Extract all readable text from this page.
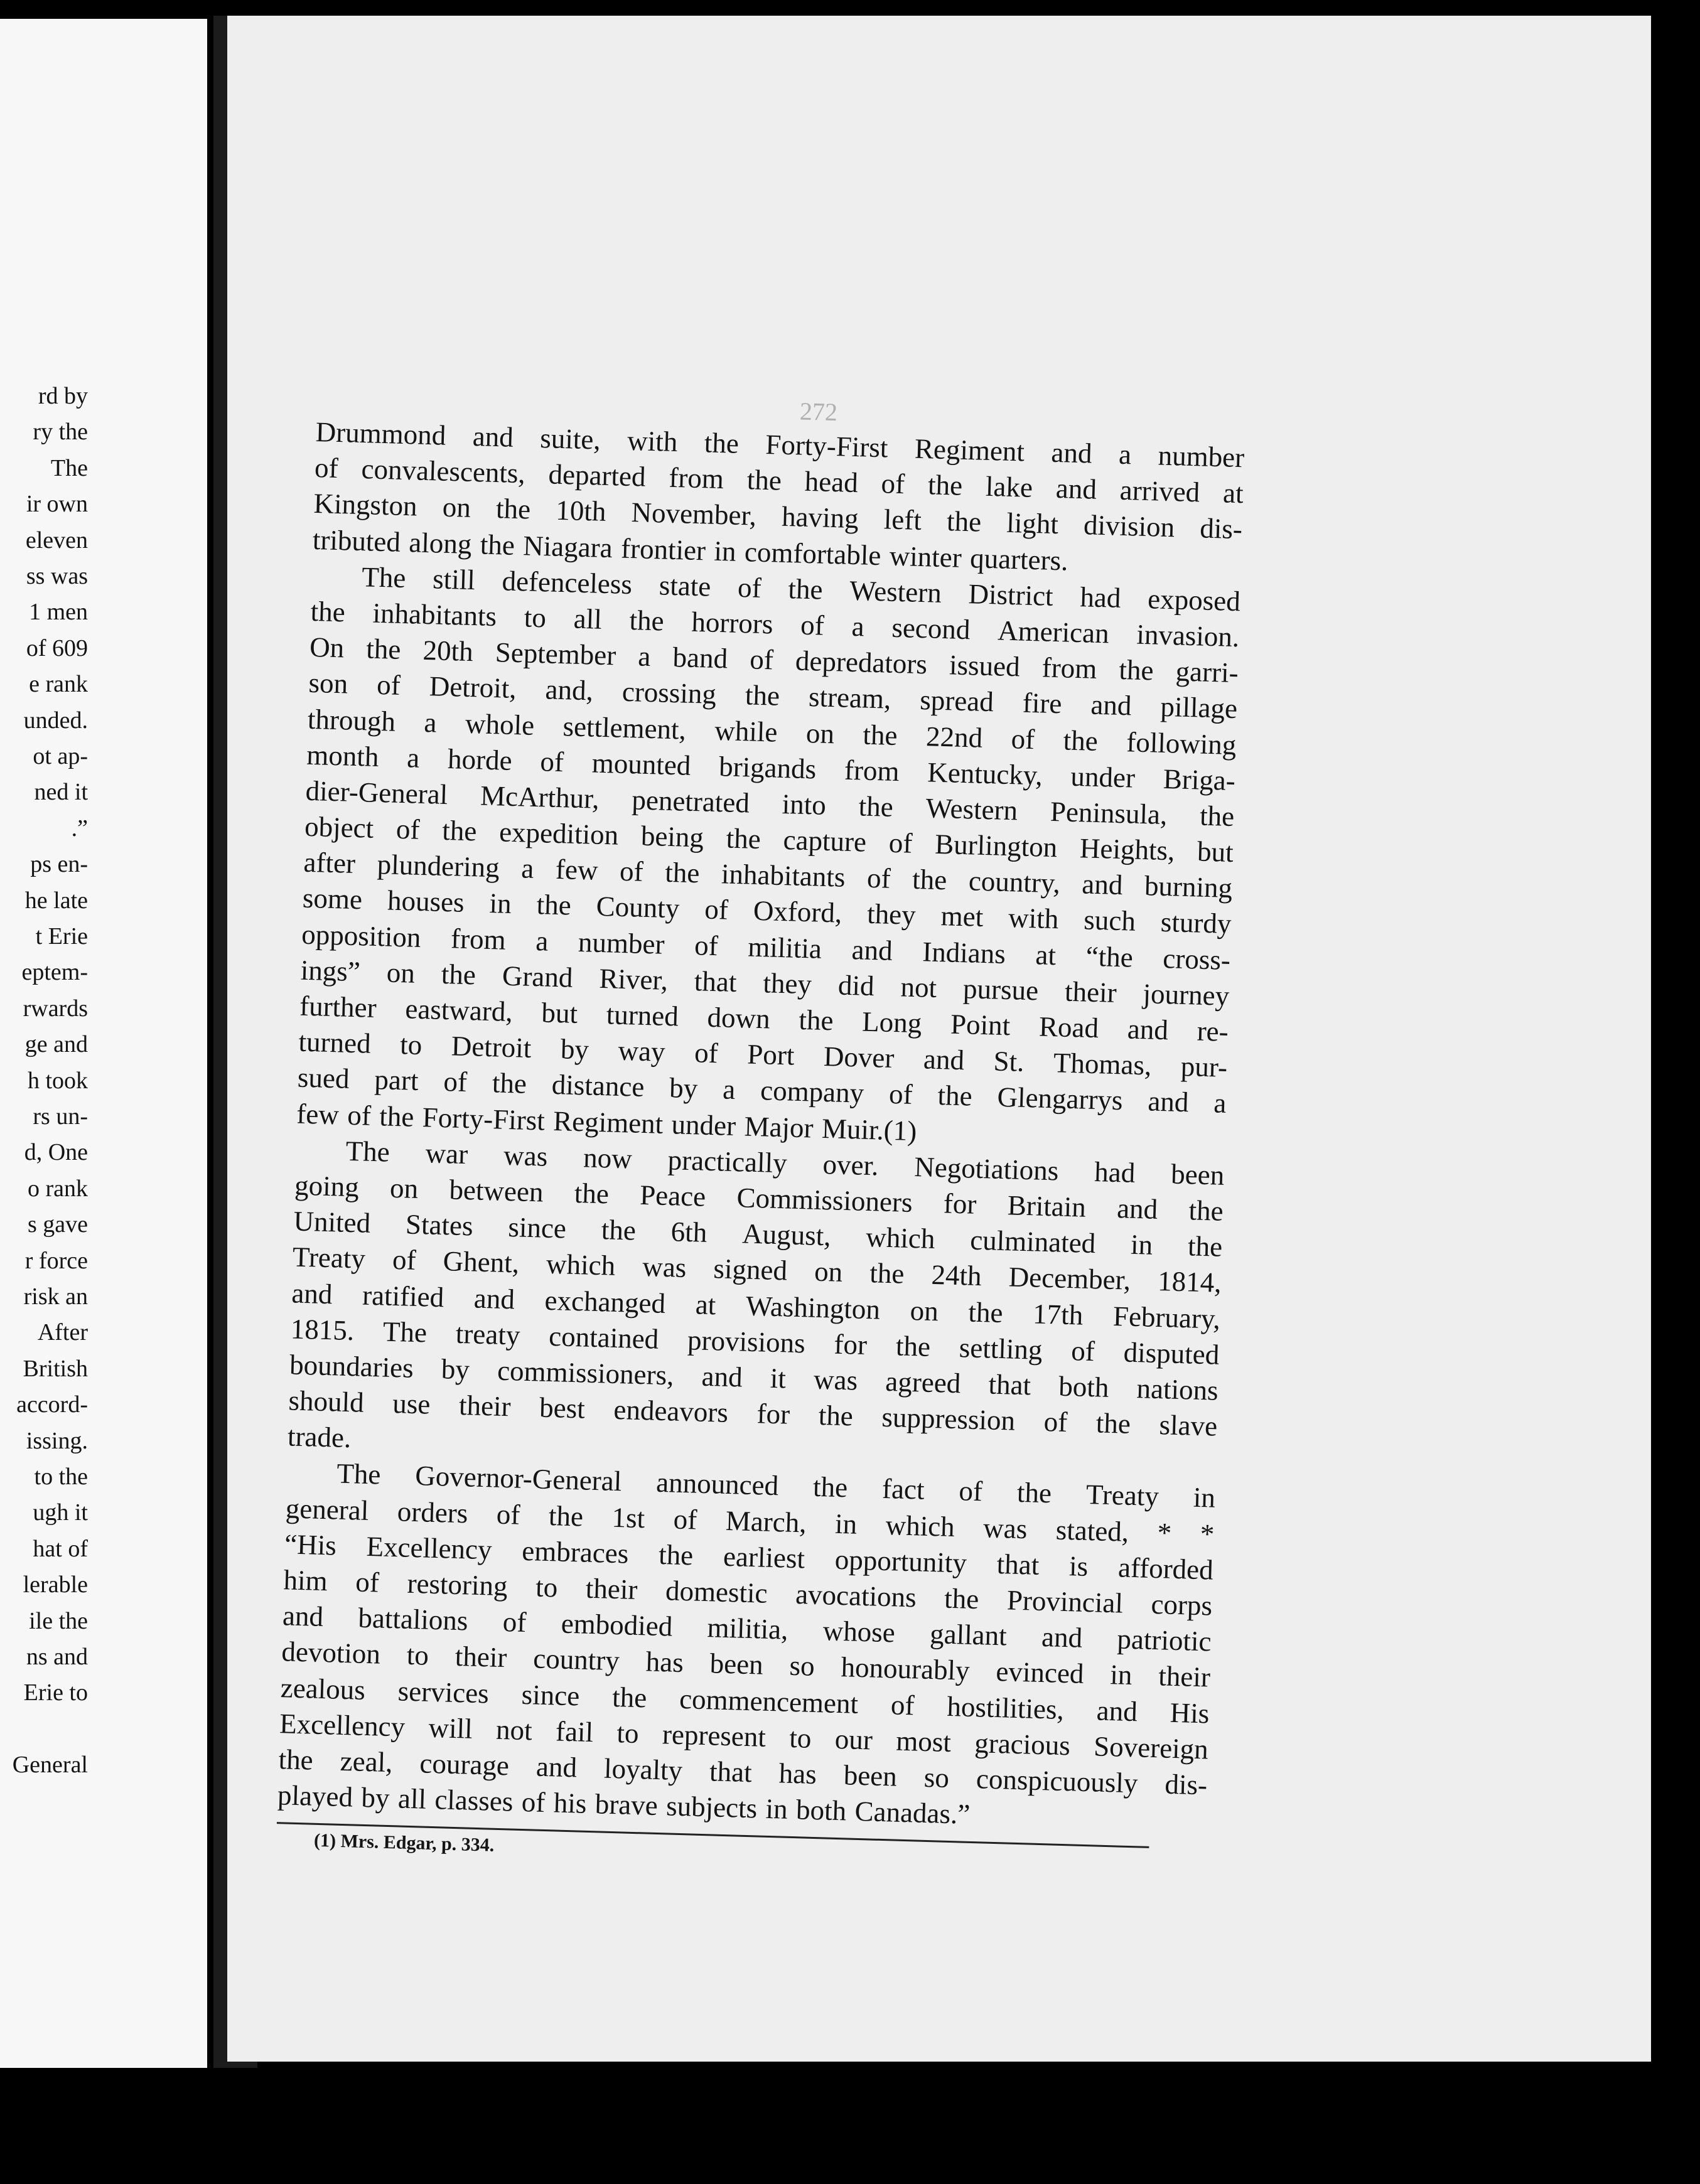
rd by
ry the
The
ir own
eleven
ss was
1 men
of 609
e rank
unded.
ot ap-
ned it
.”
ps en-
he late
t Erie
eptem-
rwards
ge and
h took
rs un-
d, One
o rank
s gave
r force
risk an
After
British
accord-
issing.
to the
ugh it
hat of
lerable
ile the
ns and
Erie to
General
272
Drummond and suite, with the Forty-First Regiment and a number
of convalescents, departed from the head of the lake and arrived at
Kingston on the 10th November, having left the light division dis-
tributed along the Niagara frontier in comfortable winter quarters.
The still defenceless state of the Western District had exposed
the inhabitants to all the horrors of a second American invasion.
On the 20th September a band of depredators issued from the garri-
son of Detroit, and, crossing the stream, spread fire and pillage
through a whole settlement, while on the 22nd of the following
month a horde of mounted brigands from Kentucky, under Briga-
dier-General McArthur, penetrated into the Western Peninsula, the
object of the expedition being the capture of Burlington Heights, but
after plundering a few of the inhabitants of the country, and burning
some houses in the County of Oxford, they met with such sturdy
opposition from a number of militia and Indians at “the cross-
ings” on the Grand River, that they did not pursue their journey
further eastward, but turned down the Long Point Road and re-
turned to Detroit by way of Port Dover and St. Thomas, pur-
sued part of the distance by a company of the Glengarrys and a
few of the Forty-First Regiment under Major Muir.(1)
The war was now practically over. Negotiations had been
going on between the Peace Commissioners for Britain and the
United States since the 6th August, which culminated in the
Treaty of Ghent, which was signed on the 24th December, 1814,
and ratified and exchanged at Washington on the 17th February,
1815. The treaty contained provisions for the settling of disputed
boundaries by commissioners, and it was agreed that both nations
should use their best endeavors for the suppression of the slave
trade.
The Governor-General announced the fact of the Treaty in
general orders of the 1st of March, in which was stated, * *
“His Excellency embraces the earliest opportunity that is afforded
him of restoring to their domestic avocations the Provincial corps
and battalions of embodied militia, whose gallant and patriotic
devotion to their country has been so honourably evinced in their
zealous services since the commencement of hostilities, and His
Excellency will not fail to represent to our most gracious Sovereign
the zeal, courage and loyalty that has been so conspicuously dis-
played by all classes of his brave subjects in both Canadas.”
(1) Mrs. Edgar, p. 334.
